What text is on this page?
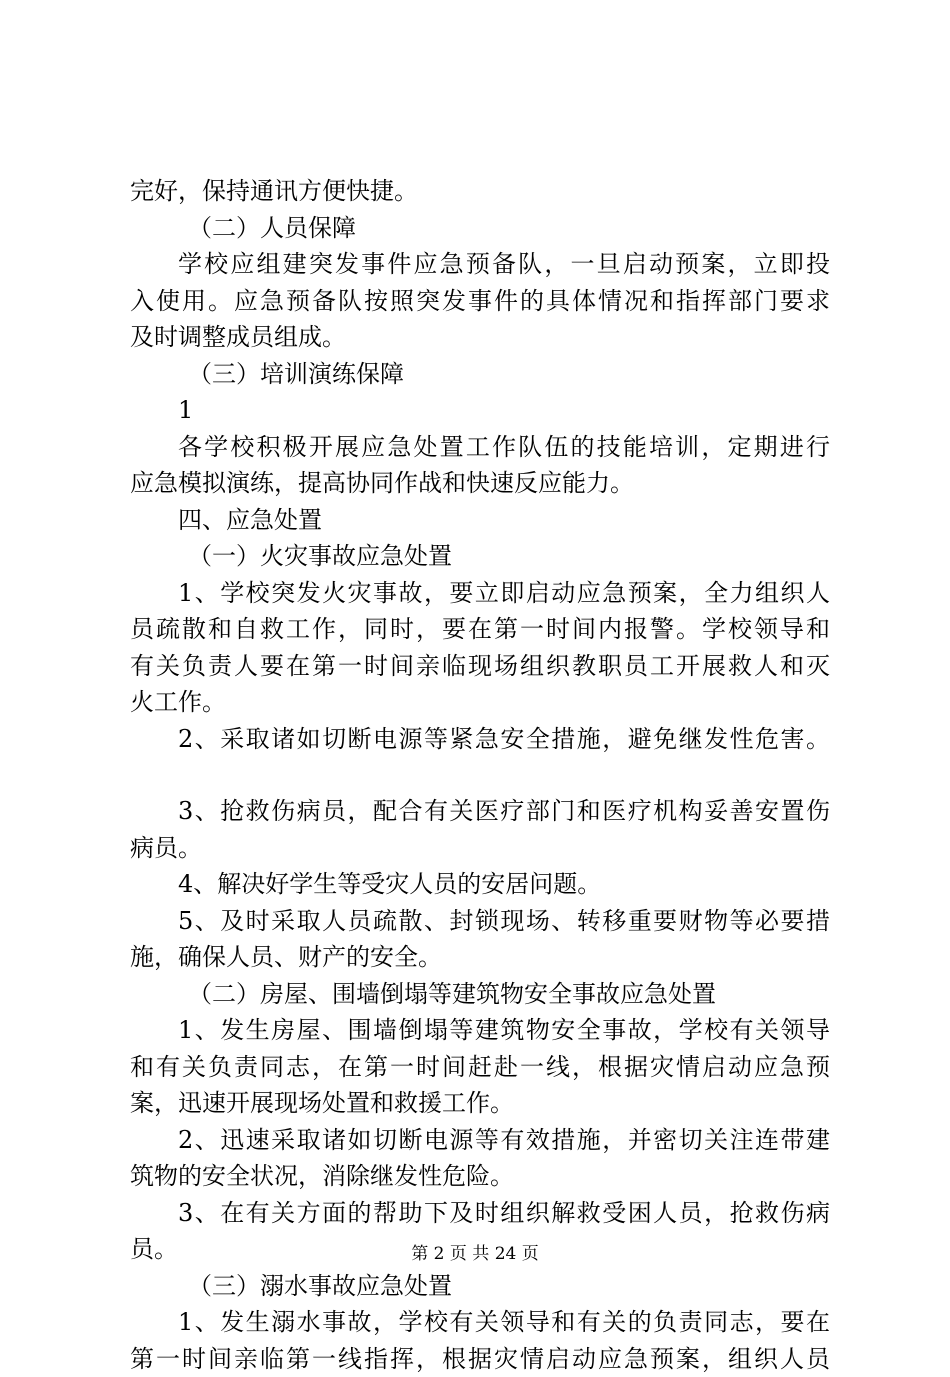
完好，保持通讯方便快捷。
（二）人员保障
学校应组建突发事件应急预备队，一旦启动预案，立即投
入使用。应急预备队按照突发事件的具体情况和指挥部门要求
及时调整成员组成。
（三）培训演练保障
1
各学校积极开展应急处置工作队伍的技能培训，定期进行
应急模拟演练，提高协同作战和快速反应能力。
四、应急处置
（一）火灾事故应急处置
1、学校突发火灾事故，要立即启动应急预案，全力组织人
员疏散和自救工作，同时，要在第一时间内报警。学校领导和
有关负责人要在第一时间亲临现场组织教职员工开展救人和灭
火工作。
2、采取诸如切断电源等紧急安全措施，避免继发性危害。
3、抢救伤病员，配合有关医疗部门和医疗机构妥善安置伤
病员。
4、解决好学生等受灾人员的安居问题。
5、及时采取人员疏散、封锁现场、转移重要财物等必要措
施，确保人员、财产的安全。
（二）房屋、围墙倒塌等建筑物安全事故应急处置
1、发生房屋、围墙倒塌等建筑物安全事故，学校有关领导
和有关负责同志，在第一时间赶赴一线，根据灾情启动应急预
案，迅速开展现场处置和救援工作。
2、迅速采取诸如切断电源等有效措施，并密切关注连带建
筑物的安全状况，消除继发性危险。
3、在有关方面的帮助下及时组织解救受困人员，抢救伤病
员。
（三）溺水事故应急处置
1、发生溺水事故，学校有关领导和有关的负责同志，要在
第一时间亲临第一线指挥，根据灾情启动应急预案，组织人员
第 2 页 共 24 页
